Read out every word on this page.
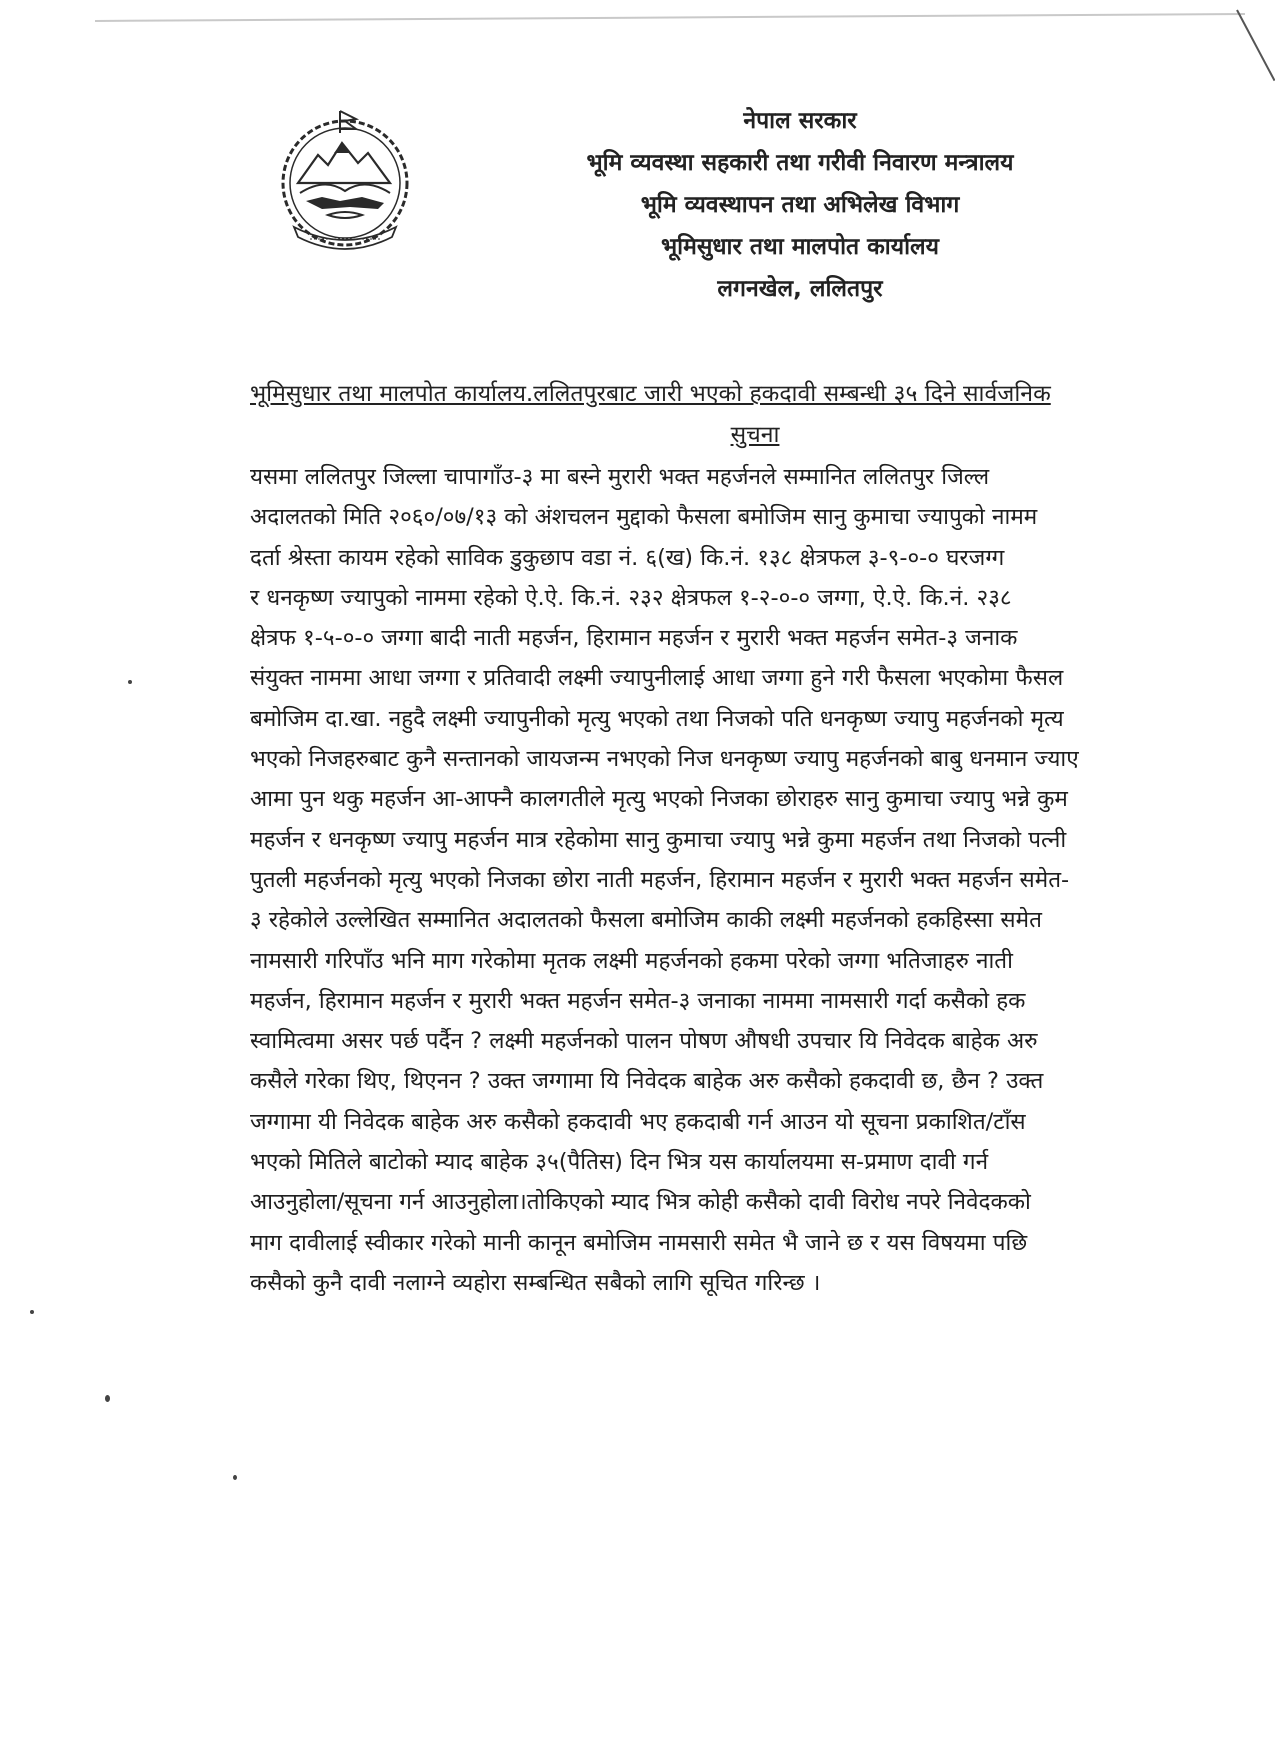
नेपाल सरकार
भूमि व्यवस्था सहकारी तथा गरीवी निवारण मन्त्रालय
भूमि व्यवस्थापन तथा अभिलेख विभाग
भूमिसुधार तथा मालपोत कार्यालय
लगनखेल, ललितपुर
भूमिसुधार तथा मालपोत कार्यालय.ललितपुरबाट जारी भएको हकदावी सम्बन्धी ३५ दिने सार्वजनिक
सुचना
यसमा ललितपुर जिल्ला चापागाँउ-३ मा बस्ने मुरारी भक्त महर्जनले सम्मानित ललितपुर जिल्ल
अदालतको मिति २०६०/०७/१३ को अंशचलन मुद्दाको फैसला बमोजिम सानु कुमाचा ज्यापुको नामम
दर्ता श्रेस्ता कायम रहेको साविक डुकुछाप वडा नं. ६(ख) कि.नं. १३८ क्षेत्रफल ३-९-०-० घरजग्ग
र धनकृष्ण ज्यापुको नाममा रहेको ऐ.ऐ. कि.नं. २३२ क्षेत्रफल १-२-०-० जग्गा, ऐ.ऐ. कि.नं. २३८
क्षेत्रफ १-५-०-० जग्गा बादी नाती महर्जन, हिरामान महर्जन र मुरारी भक्त महर्जन समेत-३ जनाक
संयुक्त नाममा आधा जग्गा र प्रतिवादी लक्ष्मी ज्यापुनीलाई आधा जग्गा हुने गरी फैसला भएकोमा फैसल
बमोजिम दा.खा. नहुदै लक्ष्मी ज्यापुनीको मृत्यु भएको तथा निजको पति धनकृष्ण ज्यापु महर्जनको मृत्य
भएको निजहरुबाट कुनै सन्तानको जायजन्म नभएको निज धनकृष्ण ज्यापु महर्जनको बाबु धनमान ज्याए
आमा पुन थकु महर्जन आ-आफ्नै कालगतीले मृत्यु भएको निजका छोराहरु सानु कुमाचा ज्यापु भन्ने कुम
महर्जन र धनकृष्ण ज्यापु महर्जन मात्र रहेकोमा सानु कुमाचा ज्यापु भन्ने कुमा महर्जन तथा निजको पत्नी
पुतली महर्जनको मृत्यु भएको निजका छोरा नाती महर्जन, हिरामान महर्जन र मुरारी भक्त महर्जन समेत-
३ रहेकोले उल्लेखित सम्मानित अदालतको फैसला बमोजिम काकी लक्ष्मी महर्जनको हकहिस्सा समेत
नामसारी गरिपाँउ भनि माग गरेकोमा मृतक लक्ष्मी महर्जनको हकमा परेको जग्गा भतिजाहरु नाती
महर्जन, हिरामान महर्जन र मुरारी भक्त महर्जन समेत-३ जनाका नाममा नामसारी गर्दा कसैको हक
स्वामित्वमा असर पर्छ पर्दैन ? लक्ष्मी महर्जनको पालन पोषण औषधी उपचार यि निवेदक बाहेक अरु
कसैले गरेका थिए, थिएनन ? उक्त जग्गामा यि निवेदक बाहेक अरु कसैको हकदावी छ, छैन ? उक्त
जग्गामा यी निवेदक बाहेक अरु कसैको हकदावी भए हकदाबी गर्न आउन यो सूचना प्रकाशित/टाँस
भएको मितिले बाटोको म्याद बाहेक ३५(पैतिस) दिन भित्र यस कार्यालयमा स-प्रमाण दावी गर्न
आउनुहोला/सूचना गर्न आउनुहोला।तोकिएको म्याद भित्र कोही कसैको दावी विरोध नपरे निवेदकको
माग दावीलाई स्वीकार गरेको मानी कानून बमोजिम नामसारी समेत भै जाने छ र यस विषयमा पछि
कसैको कुनै दावी नलाग्ने व्यहोरा सम्बन्धित सबैको लागि सूचित गरिन्छ ।
